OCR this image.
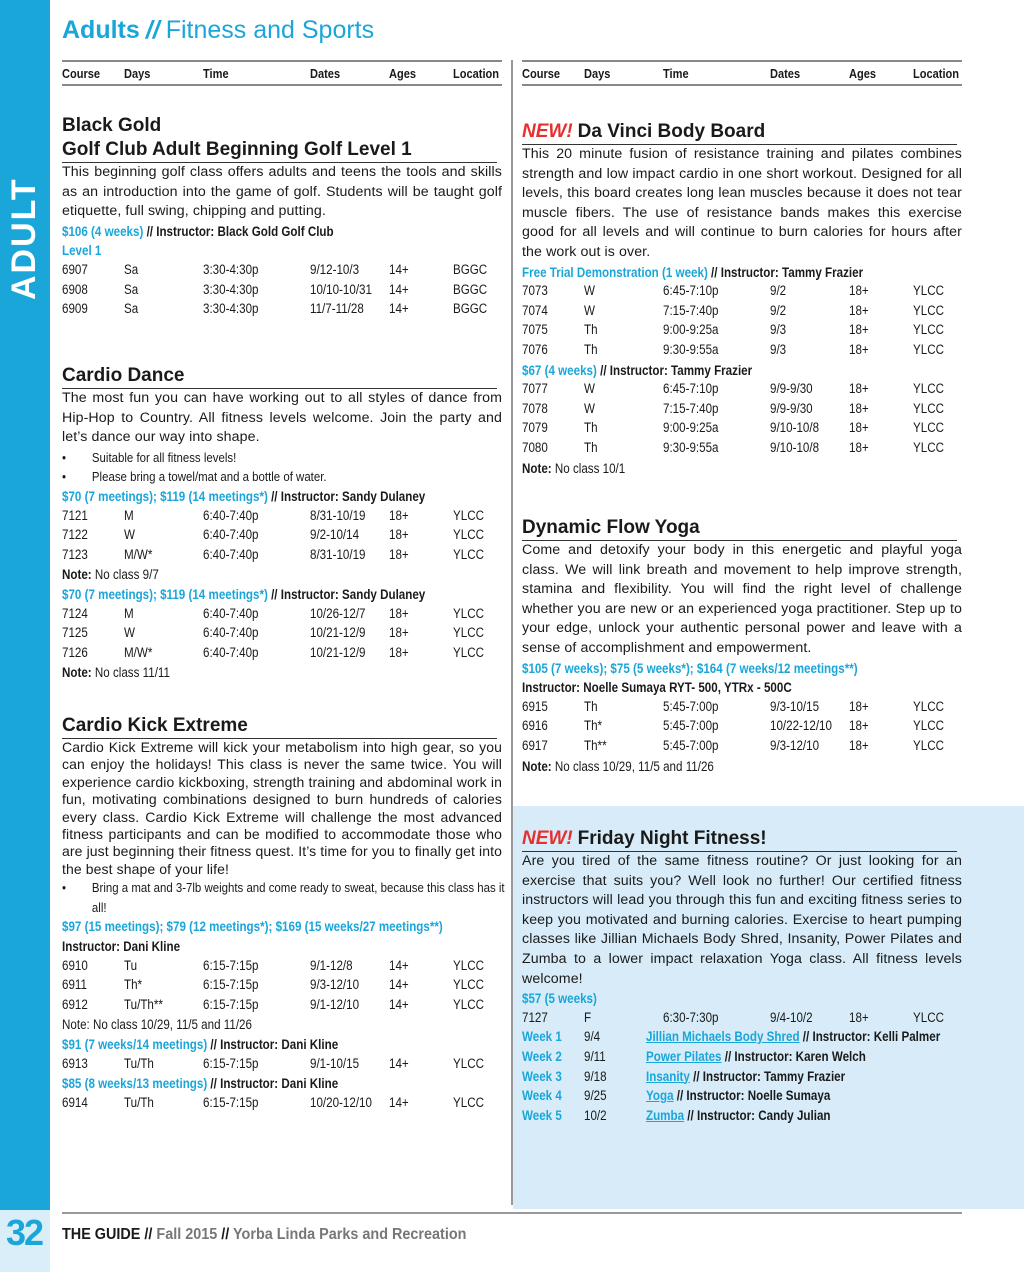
ADULT
32
Adults // Fitness and Sports
Course Days	Time	Dates	Ages	Location
Black Gold
Golf Club Adult Beginning Golf Level 1
This beginning golf class offers adults and teens the tools and skills as an introduction into the game of golf. Students will be taught golf etiquette, full swing, chipping and putting.
$106 (4 weeks) // Instructor: Black Gold Golf Club
Level 1
6907	Sa	3:30-4:30p	9/12-10/3 14+	BGGC
6908	Sa	3:30-4:30p	10/10-10/31 14+	BGGC
6909	Sa	3:30-4:30p	11/7-11/28 14+	BGGC
Cardio Dance
The most fun you can have working out to all styles of dance from Hip-Hop to Country. All fitness levels welcome. Join the party and let’s dance our way into shape.
• Suitable for all fitness levels!
• Please bring a towel/mat and a bottle of water.
$70 (7 meetings); $119 (14 meetings*) // Instructor: Sandy Dulaney
7121	M	6:40-7:40p	8/31-10/19 18+	YLCC
7122	W	6:40-7:40p	9/2-10/14 18+	YLCC
7123	M/W*	6:40-7:40p	8/31-10/19 18+	YLCC
Note: No class 9/7
$70 (7 meetings); $119 (14 meetings*) // Instructor: Sandy Dulaney
7124	M	6:40-7:40p	10/26-12/7 18+	YLCC
7125	W	6:40-7:40p	10/21-12/9 18+	YLCC
7126	M/W*	6:40-7:40p	10/21-12/9 18+	YLCC
Note: No class 11/11
Cardio Kick Extreme
Cardio Kick Extreme will kick your metabolism into high gear, so you can enjoy the holidays! This class is never the same twice. You will experience cardio kickboxing, strength training and abdominal work in fun, motivating combinations designed to burn hundreds of calories every class. Cardio Kick Extreme will challenge the most advanced fitness participants and can be modified to accommodate those who are just beginning their fitness quest. It’s time for you to finally get into the best shape of your life!
• Bring a mat and 3-7lb weights and come ready to sweat, because this class has it all!
$97 (15 meetings); $79 (12 meetings*); $169 (15 weeks/27 meetings**)
Instructor: Dani Kline
6910	Tu	6:15-7:15p	9/1-12/8	14+	YLCC
6911	Th*	6:15-7:15p	9/3-12/10 14+	YLCC
6912	Tu/Th**	6:15-7:15p	9/1-12/10 14+	YLCC
Note: No class 10/29, 11/5 and 11/26
$91 (7 weeks/14 meetings) // Instructor: Dani Kline
6913	Tu/Th	6:15-7:15p	9/1-10/15 14+	YLCC
$85 (8 weeks/13 meetings) // Instructor: Dani Kline
6914	Tu/Th	6:15-7:15p	10/20-12/10 14+	YLCC
Course Days	Time	Dates	Ages	Location
NEW! Da Vinci Body Board
This 20 minute fusion of resistance training and pilates combines strength and low impact cardio in one short workout. Designed for all levels, this board creates long lean muscles because it does not tear muscle fibers. The use of resistance bands makes this exercise good for all levels and will continue to burn calories for hours after the work out is over.
Free Trial Demonstration (1 week) // Instructor: Tammy Frazier
7073	W	6:45-7:10p	9/2	18+	YLCC
7074	W	7:15-7:40p	9/2	18+	YLCC
7075	Th	9:00-9:25a	9/3	18+	YLCC
7076	Th	9:30-9:55a	9/3	18+	YLCC
$67 (4 weeks) // Instructor: Tammy Frazier
7077	W	6:45-7:10p	9/9-9/30	18+	YLCC
7078	W	7:15-7:40p	9/9-9/30	18+	YLCC
7079	Th	9:00-9:25a	9/10-10/8 18+	YLCC
7080	Th	9:30-9:55a	9/10-10/8 18+	YLCC
Note: No class 10/1
Dynamic Flow Yoga
Come and detoxify your body in this energetic and playful yoga class. We will link breath and movement to help improve strength, stamina and flexibility. You will find the right level of challenge whether you are new or an experienced yoga practitioner. Step up to your edge, unlock your authentic personal power and leave with a sense of accomplishment and empowerment.
$105 (7 weeks); $75 (5 weeks*); $164 (7 weeks/12 meetings**)
Instructor: Noelle Sumaya RYT- 500, YTRx - 500C
6915	Th	5:45-7:00p	9/3-10/15 18+	YLCC
6916	Th*	5:45-7:00p	10/22-12/10 18+	YLCC
6917	Th**	5:45-7:00p	9/3-12/10 18+	YLCC
Note: No class 10/29, 11/5 and 11/26
NEW! Friday Night Fitness!
Are you tired of the same fitness routine? Or just looking for an exercise that suits you? Well look no further! Our certified fitness instructors will lead you through this fun and exciting fitness series to keep you motivated and burning calories. Exercise to heart pumping classes like Jillian Michaels Body Shred, Insanity, Power Pilates and Zumba to a lower impact relaxation Yoga class. All fitness levels welcome!
$57 (5 weeks)
7127	F	6:30-7:30p	9/4-10/2	18+	YLCC
Week 1 9/4	Jillian Michaels Body Shred // Instructor: Kelli Palmer
Week 2 9/11	Power Pilates // Instructor: Karen Welch
Week 3 9/18	Insanity // Instructor: Tammy Frazier
Week 4 9/25	Yoga // Instructor: Noelle Sumaya
Week 5 10/2	Zumba // Instructor: Candy Julian
THE GUIDE // Fall 2015 // Yorba Linda Parks and Recreation
